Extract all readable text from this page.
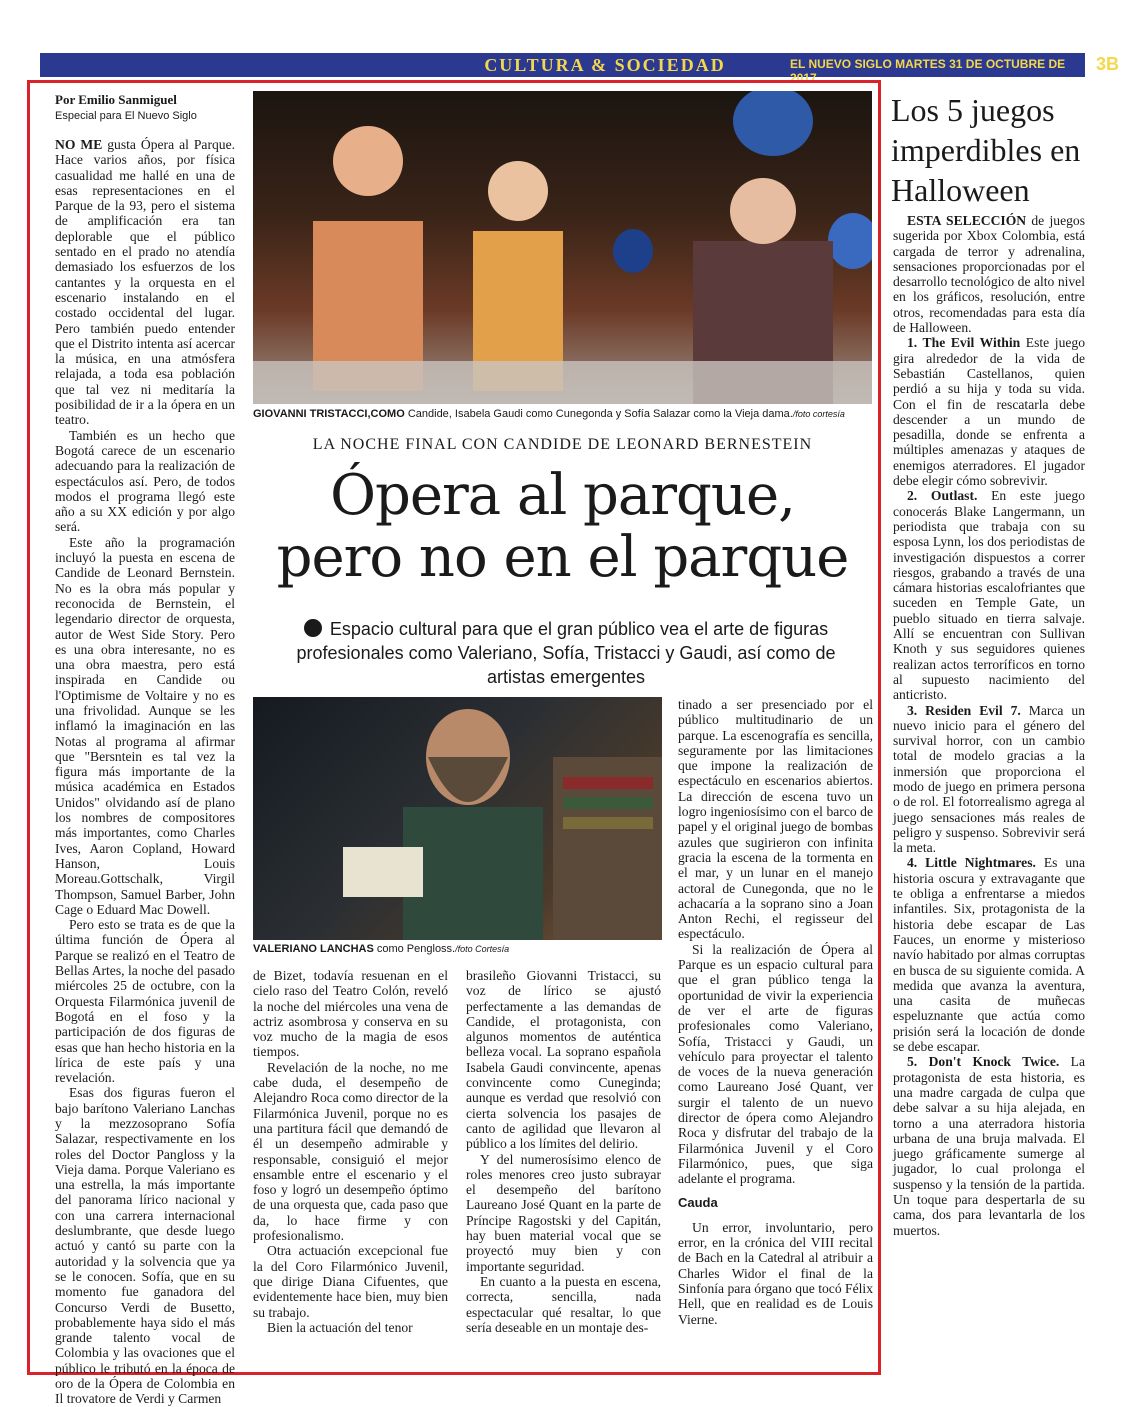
CULTURA & SOCIEDAD	EL NUEVO SIGLO MARTES 31 DE OCTUBRE DE 2017
3B
Por Emilio Sanmiguel
Especial para El Nuevo Siglo

NO ME gusta Ópera al Parque. Hace varios años, por física casualidad me hallé en una de esas representaciones en el Parque de la 93, pero el sistema de amplificación era tan deplorable que el público sentado en el prado no atendía demasiado los esfuerzos de los cantantes y la orquesta en el escenario instalando en el costado occidental del lugar. Pero también puedo entender que el Distrito intenta así acercar la música, en una atmósfera relajada, a toda esa población que tal vez ni meditaría la posibilidad de ir a la ópera en un teatro.

También es un hecho que Bogotá carece de un escenario adecuando para la realización de espectáculos así. Pero, de todos modos el programa llegó este año a su XX edición y por algo será.

Este año la programación incluyó la puesta en escena de Candide de Leonard Bernstein. No es la obra más popular y reconocida de Bernstein, el legendario director de orquesta, autor de West Side Story. Pero es una obra interesante, no es una obra maestra, pero está inspirada en Candide ou l'Optimisme de Voltaire y no es una frivolidad. Aunque se les inflamó la imaginación en las Notas al programa al afirmar que "Bersntein es tal vez la figura más importante de la música académica en Estados Unidos" olvidando así de plano los nombres de compositores más importantes, como Charles Ives, Aaron Copland, Howard Hanson, Louis Moreau.Gottschalk, Virgil Thompson, Samuel Barber, John Cage o Eduard Mac Dowell.

Pero esto se trata es de que la última función de Ópera al Parque se realizó en el Teatro de Bellas Artes, la noche del pasado miércoles 25 de octubre, con la Orquesta Filarmónica juvenil de Bogotá en el foso y la participación de dos figuras de esas que han hecho historia en la lírica de este país y una revelación.

Esas dos figuras fueron el bajo barítono Valeriano Lanchas y la mezzosoprano Sofía Salazar, respectivamente en los roles del Doctor Pangloss y la Vieja dama. Porque Valeriano es una estrella, la más importante del panorama lírico nacional y con una carrera internacional deslumbrante, que desde luego actuó y cantó su parte con la autoridad y la solvencia que ya se le conocen. Sofía, que en su momento fue ganadora del Concurso Verdi de Busetto, probablemente haya sido el más grande talento vocal de Colombia y las ovaciones que el público le tributó en la época de oro de la Ópera de Colombia en Il trovatore de Verdi y Carmen

GIOVANNI TRISTACCI,COMO Candide, Isabela Gaudi como Cunegonda y Sofía Salazar como la Vieja dama./foto cortesía
LA NOCHE FINAL CON CANDIDE DE LEONARD BERNESTEIN
Ópera al parque,
pero no en el parque
Espacio cultural para que el gran público vea el arte de figuras profesionales como Valeriano, Sofía, Tristacci y Gaudi, así como de artistas emergentes
VALERIANO LANCHAS como Pengloss./foto Cortesía

de Bizet, todavía resuenan en el cielo raso del Teatro Colón, reveló la noche del miércoles una vena de actriz asombrosa y conserva en su voz mucho de la magia de esos tiempos.

Revelación de la noche, no me cabe duda, el desempeño de Alejandro Roca como director de la Filarmónica Juvenil, porque no es una partitura fácil que demandó de él un desempeño admirable y responsable, consiguió el mejor ensamble entre el escenario y el foso y logró un desempeño óptimo de una orquesta que, cada paso que da, lo hace firme y con profesionalismo.

Otra actuación excepcional fue la del Coro Filarmónico Juvenil, que dirige Diana Cifuentes, que evidentemente hace bien, muy bien su trabajo.

Bien la actuación del tenor

brasileño Giovanni Tristacci, su voz de lírico se ajustó perfectamente a las demandas de Candide, el protagonista, con algunos momentos de auténtica belleza vocal. La soprano española Isabela Gaudi convincente, apenas convincente como Cuneginda; aunque es verdad que resolvió con cierta solvencia los pasajes de canto de agilidad que llevaron al público a los límites del delirio.

Y del numerosísimo elenco de roles menores creo justo subrayar el desempeño del barítono Laureano José Quant en la parte de Príncipe Ragostski y del Capitán, hay buen material vocal que se proyectó muy bien y con importante seguridad.

En cuanto a la puesta en escena, correcta, sencilla, nada espectacular qué resaltar, lo que sería deseable en un montaje des-

tinado a ser presenciado por el público multitudinario de un parque. La escenografía es sencilla, seguramente por las limitaciones que impone la realización de espectáculo en escenarios abiertos. La dirección de escena tuvo un logro ingeniosísimo con el barco de papel y el original juego de bombas azules que sugirieron con infinita gracia la escena de la tormenta en el mar, y un lunar en el manejo actoral de Cunegonda, que no le achacaría a la soprano sino a Joan Anton Rechi, el regisseur del espectáculo.

Si la realización de Ópera al Parque es un espacio cultural para que el gran público tenga la oportunidad de vivir la experiencia de ver el arte de figuras profesionales como Valeriano, Sofía, Tristacci y Gaudi, un vehículo para proyectar el talento de voces de la nueva generación como Laureano José Quant, ver surgir el talento de un nuevo director de ópera como Alejandro Roca y disfrutar del trabajo de la Filarmónica Juvenil y el Coro Filarmónico, pues, que siga adelante el programa.

Cauda

Un error, involuntario, pero error, en la crónica del VIII recital de Bach en la Catedral al atribuir a Charles Widor el final de la Sinfonía para órgano que tocó Félix Hell, que en realidad es de Louis Vierne.

Los 5 juegos imperdibles en Halloween

ESTA SELECCIÓN de juegos sugerida por Xbox Colombia, está cargada de terror y adrenalina, sensaciones proporcionadas por el desarrollo tecnológico de alto nivel en los gráficos, resolución, entre otros, recomendadas para esta día de Halloween.

1. The Evil Within Este juego gira alrededor de la vida de Sebastián Castellanos, quien perdió a su hija y toda su vida. Con el fin de rescatarla debe descender a un mundo de pesadilla, donde se enfrenta a múltiples amenazas y ataques de enemigos aterradores. El jugador debe elegir cómo sobrevivir.

2. Outlast. En este juego conocerás Blake Langermann, un periodista que trabaja con su esposa Lynn, los dos periodistas de investigación dispuestos a correr riesgos, grabando a través de una cámara historias escalofriantes que suceden en Temple Gate, un pueblo situado en tierra salvaje. Allí se encuentran con Sullivan Knoth y sus seguidores quienes realizan actos terroríficos en torno al supuesto nacimiento del anticristo.

3. Residen Evil 7. Marca un nuevo inicio para el género del survival horror, con un cambio total de modelo gracias a la inmersión que proporciona el modo de juego en primera persona o de rol. El fotorrealismo agrega al juego sensaciones más reales de peligro y suspenso. Sobrevivir será la meta.

4. Little Nightmares. Es una historia oscura y extravagante que te obliga a enfrentarse a miedos infantiles. Six, protagonista de la historia debe escapar de Las Fauces, un enorme y misterioso navío habitado por almas corruptas en busca de su siguiente comida. A medida que avanza la aventura, una casita de muñecas espeluznante que actúa como prisión será la locación de donde se debe escapar.

5. Don't Knock Twice. La protagonista de esta historia, es una madre cargada de culpa que debe salvar a su hija alejada, en torno a una aterradora historia urbana de una bruja malvada. El juego gráficamente sumerge al jugador, lo cual prolonga el suspenso y la tensión de la partida. Un toque para despertarla de su cama, dos para levantarla de los muertos.
